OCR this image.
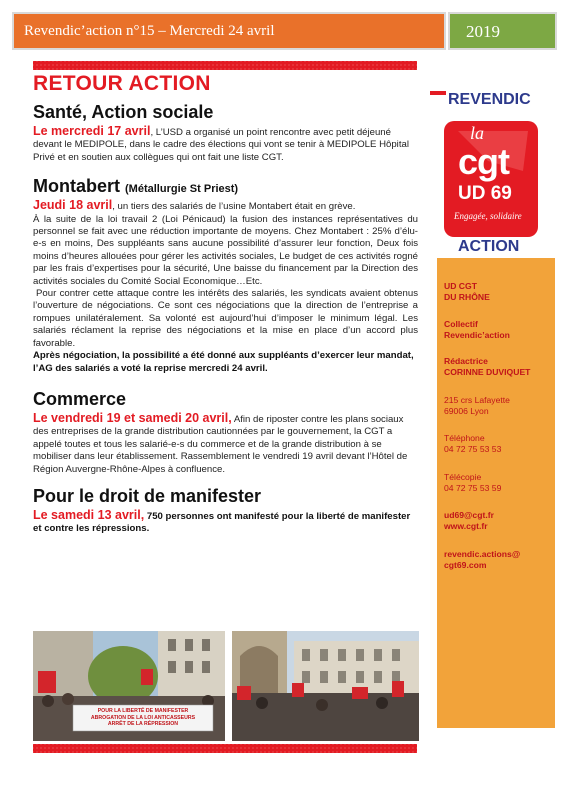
Revendic’action n°15 – Mercredi 24 avril	2019
RETOUR ACTION
Santé, Action sociale

Le mercredi 17 avril, L’USD a organisé un point rencontre avec petit déjeuné devant le MEDIPOLE, dans le cadre des élections qui vont se tenir à MEDIPOLE Hôpital Privé et en soutien aux collègues qui ont fait une liste CGT.

Montabert (Métallurgie St Priest)

Jeudi 18 avril, un tiers des salariés de l’usine Montabert était en grève.

À la suite de la loi travail 2 (Loi Pénicaud) la fusion des instances représentatives du personnel se fait avec une réduction importante de moyens. Chez Montabert : 25% d’élu-e-s en moins, Des suppléants sans aucune possibilité d’assurer leur fonction, Deux fois moins d’heures allouées pour gérer les activités sociales, Le budget de ces activités rogné par les frais d’expertises pour la sécurité, Une baisse du financement par la Direction des activités sociales du Comité Social Economique…Etc.

Pour contrer cette attaque contre les intérêts des salariés, les syndicats avaient obtenus l’ouverture de négociations. Ce sont ces négociations que la direction de l’entreprise a rompues unilatéralement. Sa volonté est aujourd’hui d’imposer le minimum légal. Les salariés réclament la reprise des négociations et la mise en place d’un accord plus favorable.

Après négociation, la possibilité a été donné aux suppléants d’exercer leur mandat, l’AG des salariés a voté la reprise mercredi 24 avril.

Commerce

Le vendredi 19 et samedi 20 avril, Afin de riposter contre les plans sociaux des entreprises de la grande distribution cautionnées par le gouvernement, la CGT a appelé toutes et tous les salarié-e-s du commerce et de la grande distribution à se mobiliser dans leur établissement. Rassemblement le vendredi 19 avril devant l’Hôtel de Région Auvergne-Rhône-Alpes à confluence.

Pour le droit de manifester

Le samedi 13 avril, 750 personnes ont manifesté pour la liberté de manifester et contre les répressions.

POUR LA LIBERTÉ DE MANIFESTER
ABROGATION DE LA LOI ANTICASSEURS
ARRÊT DE LA RÉPRESSION
REVENDIC
la
cgt
UD 69
Engagée, solidaire
ACTION
UD CGT
DU RHÔNE
Collectif
Revendic’action
Rédactrice
CORINNE DUVIQUET
215 crs Lafayette
69006 Lyon
Téléphone
04 72 75 53 53
Télécopie
04 72 75 53 59
ud69@cgt.fr
www.cgt.fr
revendic.actions@
cgt69.com
